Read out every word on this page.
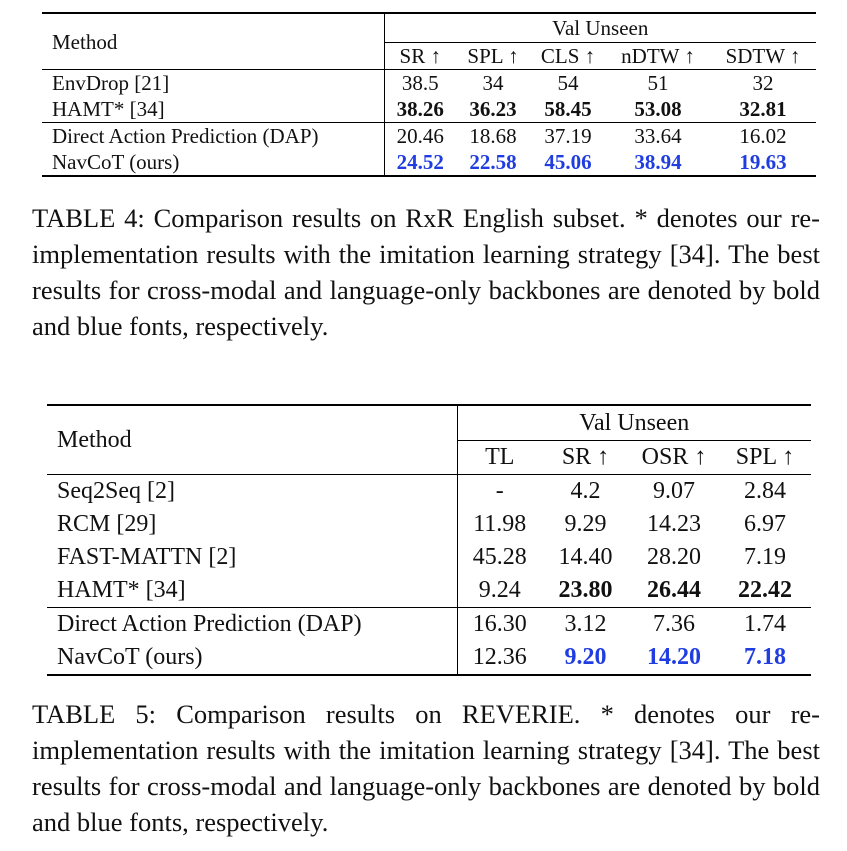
Method	Val Unseen				
	SR ↑	SPL ↑	CLS ↑	nDTW ↑	SDTW ↑
EnvDrop [21]	38.5	34	54	51	32
HAMT* [34]	38.26	36.23	58.45	53.08	32.81
Direct Action Prediction (DAP)	20.46	18.68	37.19	33.64	16.02
NavCoT (ours)	24.52	22.58	45.06	38.94	19.63
TABLE 4: Comparison results on RxR English subset. * denotes our re-implementation results with the imitation learning strategy [34]. The best results for cross-modal and language-only backbones are denoted by bold and blue fonts, respectively.
Method	Val Unseen			
	TL	SR ↑	OSR ↑	SPL ↑
Seq2Seq [2]	-	4.2	9.07	2.84
RCM [29]	11.98	9.29	14.23	6.97
FAST-MATTN [2]	45.28	14.40	28.20	7.19
HAMT* [34]	9.24	23.80	26.44	22.42
Direct Action Prediction (DAP)	16.30	3.12	7.36	1.74
NavCoT (ours)	12.36	9.20	14.20	7.18
TABLE 5: Comparison results on REVERIE. * denotes our re-implementation results with the imitation learning strategy [34]. The best results for cross-modal and language-only backbones are denoted by bold and blue fonts, respectively.
